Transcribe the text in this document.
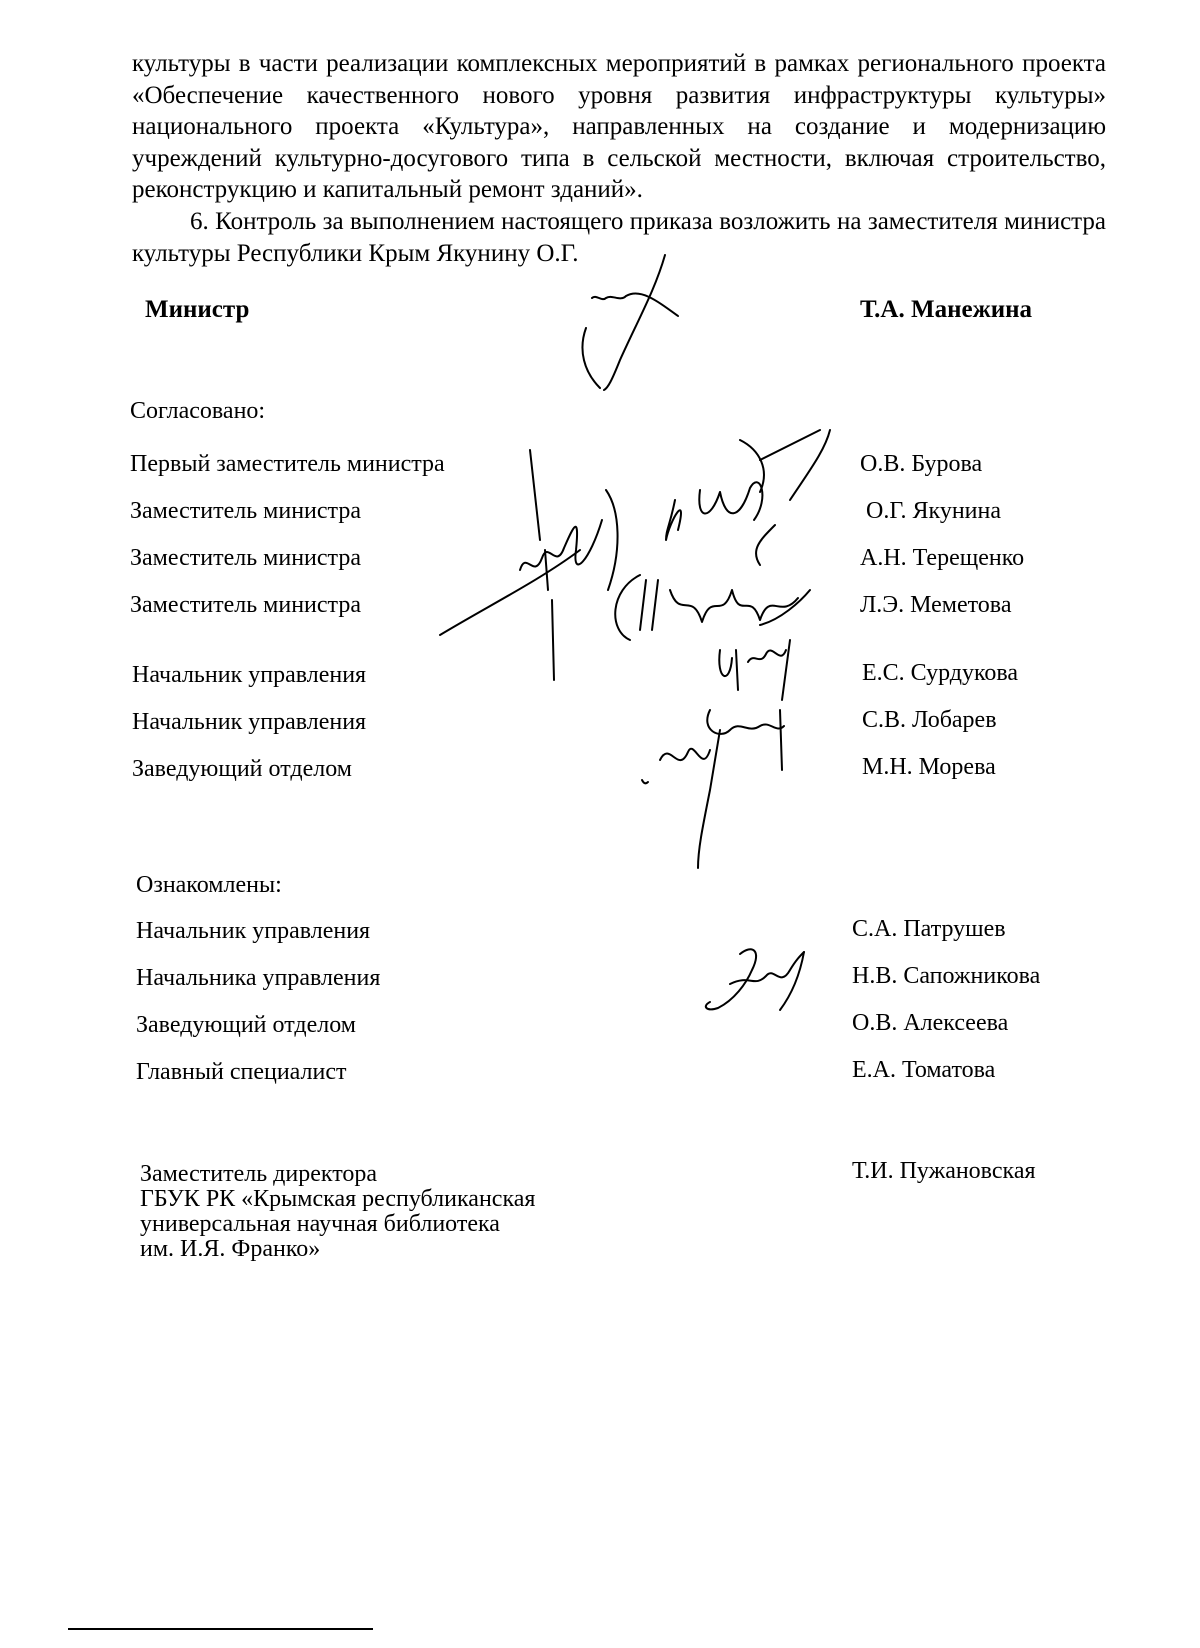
культуры в части реализации комплексных мероприятий в рамках регионального проекта «Обеспечение качественного нового уровня развития инфраструктуры культуры» национального проекта «Культура», направленных на создание и модернизацию учреждений культурно-досугового типа в сельской местности, включая строительство, реконструкцию и капитальный ремонт зданий».

6. Контроль за выполнением настоящего приказа возложить на заместителя министра культуры Республики Крым Якунину О.Г.

Министр	Т.А. Манежина
Согласовано:
Первый заместитель министра	О.В. Бурова
Заместитель министра	О.Г. Якунина
Заместитель министра	А.Н. Терещенко
Заместитель министра	Л.Э. Меметова
Начальник управления	Е.С. Сурдукова
Начальник управления	С.В. Лобарев
Заведующий отделом	М.Н. Морева
Ознакомлены:
Начальник управления	С.А. Патрушев
Начальника управления	Н.В. Сапожникова
Заведующий отделом	О.В. Алексеева
Главный специалист	Е.А. Томатова
Заместитель директора
ГБУК РК «Крымская республиканская
универсальная научная библиотека
им. И.Я. Франко»
Т.И. Пужановская
